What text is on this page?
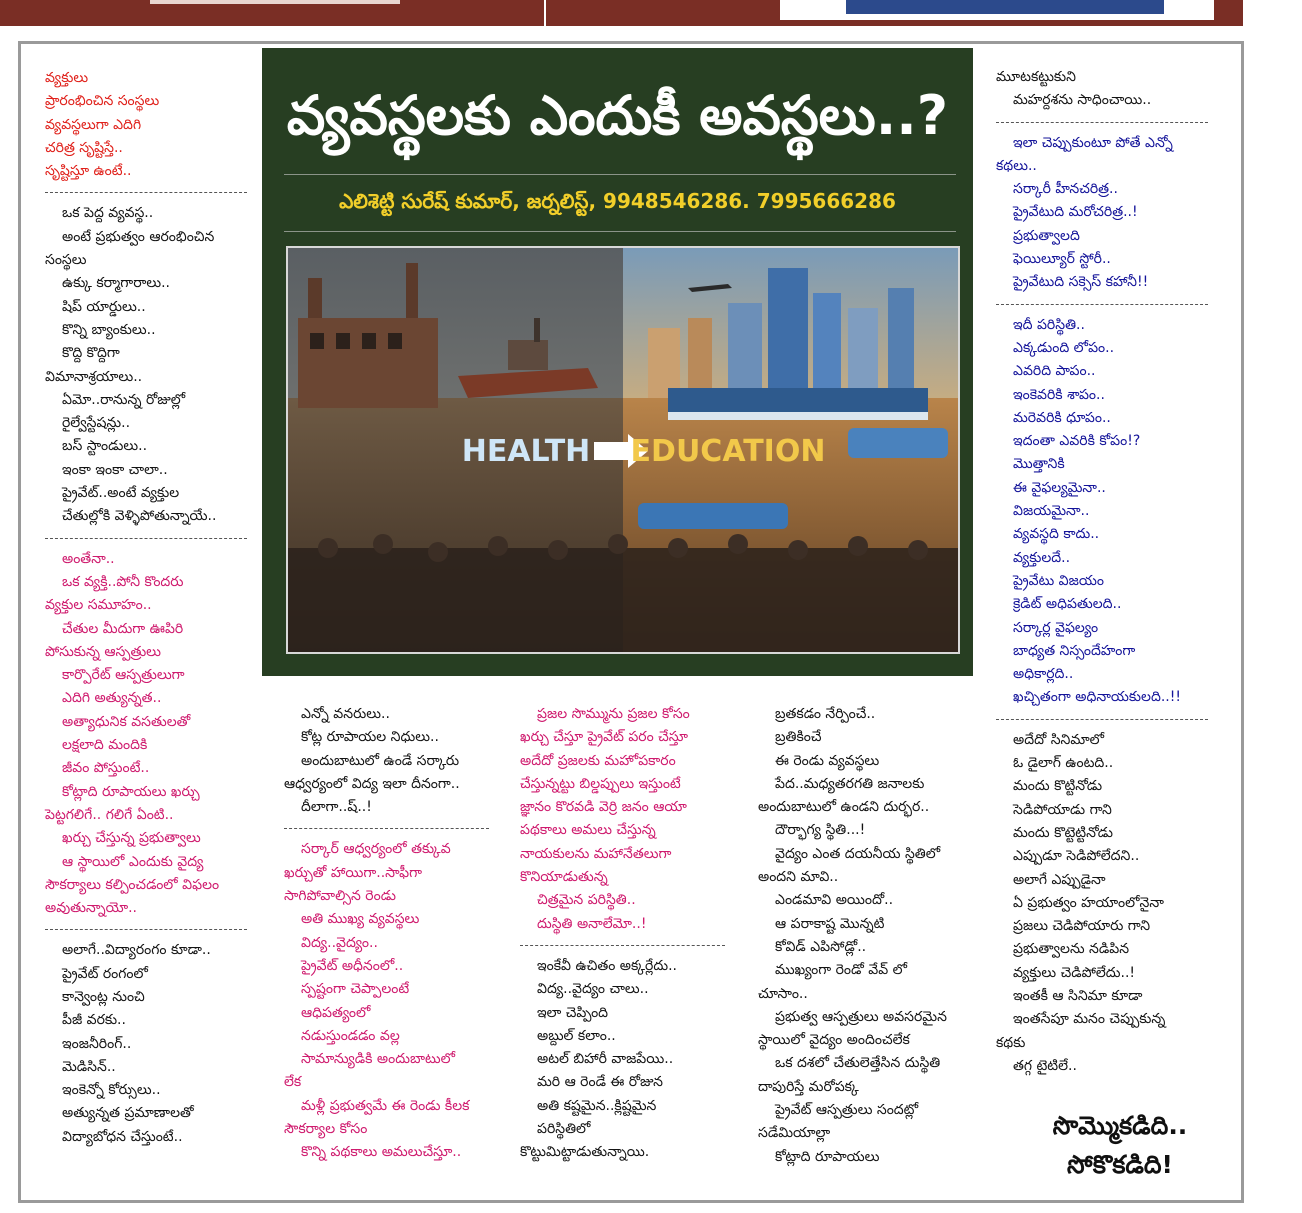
వ్యక్తులు

ప్రారంభించిన సంస్థలు

వ్యవస్థలుగా ఎదిగి

చరిత్ర సృష్టిస్తే..

సృష్టిస్తూ ఉంటే..

ఒక పెద్ద వ్యవస్థ..

అంటే ప్రభుత్వం ఆరంభించిన

సంస్థలు

ఉక్కు కర్మాగారాలు..

షిప్ యార్డులు..

కొన్ని బ్యాంకులు..

కొద్ది కొద్దిగా

విమానాశ్రయాలు..

ఏమో..రానున్న రోజుల్లో

రైల్వేస్టేషన్లు..

బస్ స్టాండులు..

ఇంకా ఇంకా చాలా..

ప్రైవేట్..అంటే వ్యక్తుల

చేతుల్లోకి వెళ్ళిపోతున్నాయే..

అంతేనా..

ఒక వ్యక్తి..పోనీ కొందరు

వ్యక్తుల సమూహం..

చేతుల మీదుగా ఊపిరి

పోసుకున్న ఆస్పత్రులు

కార్పొరేట్ ఆస్పత్రులుగా

ఎదిగి అత్యున్నత..

అత్యాధునిక వసతులతో

లక్షలాది మందికి

జీవం పోస్తుంటే..

కోట్లాది రూపాయలు ఖర్చు

పెట్టగలిగే.. గలిగే ఏంటి..

ఖర్చు చేస్తున్న ప్రభుత్వాలు

ఆ స్థాయిలో ఎందుకు వైద్య

సౌకర్యాలు కల్పించడంలో విఫలం

అవుతున్నాయో..

అలాగే..విద్యారంగం కూడా..

ప్రైవేట్ రంగంలో

కాన్వెంట్ల నుంచి

పీజీ వరకు..

ఇంజనీరింగ్..

మెడిసిన్..

ఇంకెన్నో కోర్సులు..

అత్యున్నత ప్రమాణాలతో

విద్యాబోధన చేస్తుంటే..

ఎన్నో వనరులు..

కోట్ల రూపాయల నిధులు..

అందుబాటులో ఉండే సర్కారు

ఆధ్వర్యంలో విద్య ఇలా దీనంగా..

దీలాగా..ష్..!

సర్కార్ ఆధ్వర్యంలో తక్కువ

ఖర్చుతో హాయిగా..సాఫీగా

సాగిపోవాల్సిన రెండు

అతి ముఖ్య వ్యవస్థలు

విద్య..వైద్యం..

ప్రైవేట్ అధీనంలో..

స్పష్టంగా చెప్పాలంటే

ఆధిపత్యంలో

నడుస్తుండడం వల్ల

సామాన్యుడికి అందుబాటులో

లేక

మళ్లీ ప్రభుత్వమే ఈ రెండు కీలక

సౌకర్యాల కోసం

కొన్ని పథకాలు అమలుచేస్తూ..

ప్రజల సొమ్మును ప్రజల కోసం

ఖర్చు చేస్తూ ప్రైవేట్ పరం చేస్తూ

అదేదో ప్రజలకు మహోపకారం

చేస్తున్నట్టు బిల్డప్పులు ఇస్తుంటే

జ్ఞానం కొరవడి వెర్రి జనం ఆయా

పథకాలు అమలు చేస్తున్న

నాయకులను మహానేతలుగా

కొనియాడుతున్న

చిత్రమైన పరిస్థితి..

దుస్థితి అనాలేమో..!

ఇంకేవీ ఉచితం అక్కర్లేదు..

విద్య..వైద్యం చాలు..

ఇలా చెప్పింది

అబ్దుల్ కలాం..

అటల్ బిహారీ వాజపేయి..

మరి ఆ రెండే ఈ రోజున

అతి కష్టమైన..క్లిష్టమైన

పరిస్థితిలో

కొట్టుమిట్టాడుతున్నాయి.

బ్రతకడం నేర్పించే..

బ్రతికించే

ఈ రెండు వ్యవస్థలు

పేద..మధ్యతరగతి జనాలకు

అందుబాటులో ఉండని దుర్భర..

దౌర్భాగ్య స్థితి...!

వైద్యం ఎంత దయనీయ స్థితిలో

అందని మావి..

ఎండమావి అయిందో..

ఆ పరాకాష్ట మొన్నటి

కోవిడ్ ఎపిసోడ్లో..

ముఖ్యంగా రెండో వేవ్ లో

చూసాం..

ప్రభుత్వ ఆస్పత్రులు అవసరమైన

స్థాయిలో వైద్యం అందించలేక

ఒక దశలో చేతులెత్తేసిన దుస్థితి

దాపురిస్తే మరోపక్క

ప్రైవేట్ ఆస్పత్రులు సందట్లో

సడేమియాల్లా

కోట్లాది రూపాయలు

మూటకట్టుకుని

మహర్దశను సాధించాయి..

ఇలా చెప్పుకుంటూ పోతే ఎన్నో

కథలు..

సర్కారీ హీనచరిత్ర..

ప్రైవేటుది మరోచరిత్ర..!

ప్రభుత్వాలది

ఫెయిల్యూర్ స్టోరీ..

ప్రైవేటుది సక్సెస్ కహానీ!!

ఇదీ పరిస్థితి..

ఎక్కడుంది లోపం..

ఎవరిది పాపం..

ఇంకెవరికి శాపం..

మరెవరికి ధూపం..

ఇదంతా ఎవరికి కోపం!?

మొత్తానికి

ఈ వైఫల్యమైనా..

విజయమైనా..

వ్యవస్థది కాదు..

వ్యక్తులదే..

ప్రైవేటు విజయం

క్రెడిట్ అధిపతులది..

సర్కార్ల వైఫల్యం

బాధ్యత నిస్సందేహంగా

అధికార్లది..

ఖచ్చితంగా అధినాయకులది..!!

అదేదో సినిమాలో

ఓ డైలాగ్ ఉంటది..

మందు కొట్టినోడు

సెడిపోయాడు గాని

మందు కొట్టెట్టినోడు

ఎప్పుడూ సెడిపోలేదని..

అలాగే ఎప్పుడైనా

ఏ ప్రభుత్వం హయాంలోనైనా

ప్రజలు చెడిపోయారు గాని

ప్రభుత్వాలను నడిపిన

వ్యక్తులు చెడిపోలేదు..!

ఇంతకీ ఆ సినిమా కూడా

ఇంతసేపూ మనం చెప్పుకున్న

కథకు

తగ్గ టైటిలే..

వ్యవస్థలకు ఎందుకీ అవస్థలు..?

ఎలిశెట్టి సురేష్ కుమార్, జర్నలిస్ట్, 9948546286. 7995666286

HEALTH EDUCATION

సొమ్మొకడిది..

సోకొకడిది!
